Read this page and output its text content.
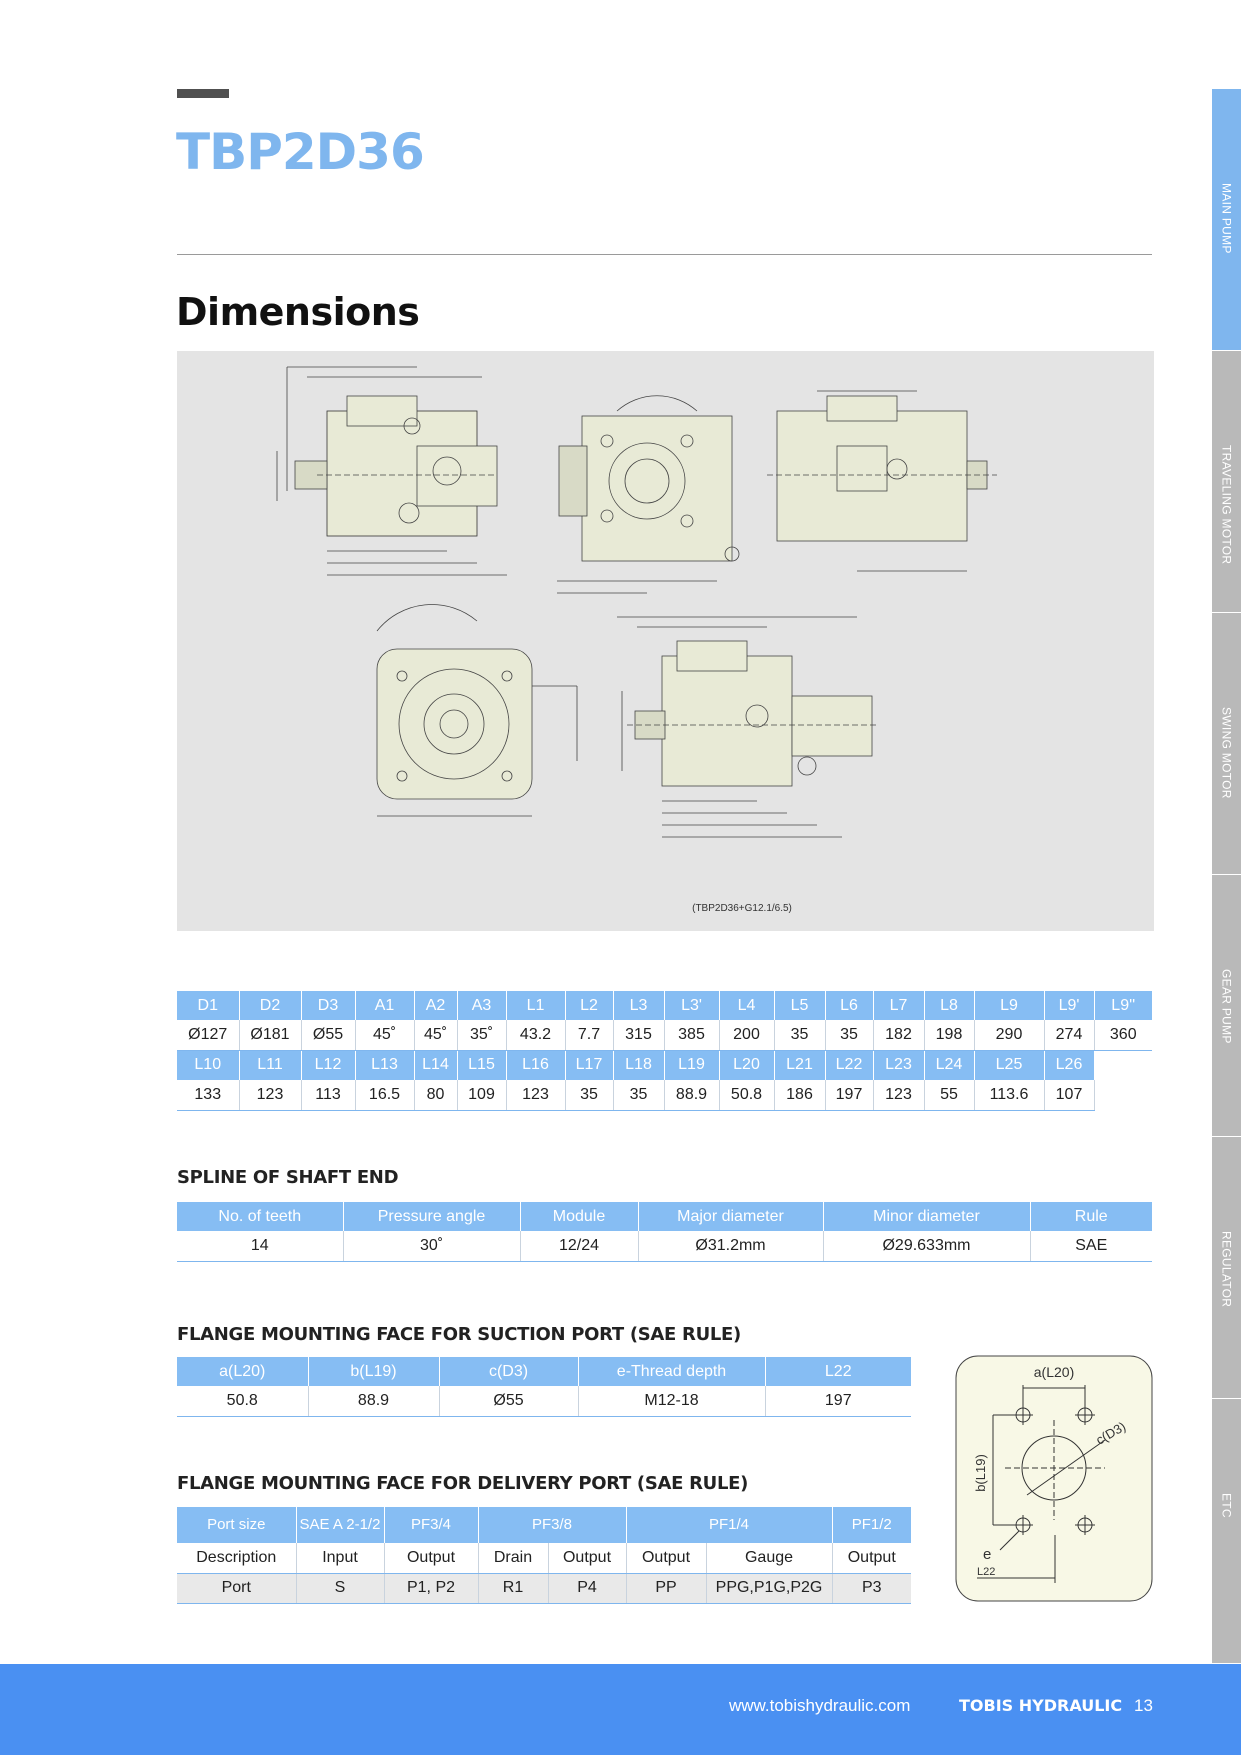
TBP2D36
Dimensions
(TBP2D36+G12.1/6.5)
MAIN PUMP
TRAVELING MOTOR
SWING MOTOR
GEAR PUMP
REGULATOR
ETC
D1	D2	D3	A1	A2	A3	L1	L2	L3	L3'	L4	L5	L6	L7	L8	L9	L9'	L9''
Ø127	Ø181	Ø55	45˚	45˚	35˚	43.2	7.7	315	385	200	35	35	182	198	290	274	360
L10	L11	L12	L13	L14	L15	L16	L17	L18	L19	L20	L21	L22	L23	L24	L25	L26	
133	123	113	16.5	80	109	123	35	35	88.9	50.8	186	197	123	55	113.6	107	
SPLINE OF SHAFT END
No. of teeth	Pressure angle	Module	Major diameter	Minor diameter	Rule
14	30˚	12/24	Ø31.2mm	Ø29.633mm	SAE
FLANGE MOUNTING FACE FOR SUCTION PORT (SAE RULE)
a(L20)	b(L19)	c(D3)	e-Thread depth	L22
50.8	88.9	Ø55	M12-18	197
FLANGE MOUNTING FACE FOR DELIVERY PORT (SAE RULE)
Port size	SAE A 2-1/2	PF3/4	PF3/8		PF1/4		PF1/2
Description	Input	Output	Drain	Output	Output	Gauge	Output
Port	S	P1, P2	R1	P4	PP	PPG,P1G,P2G	P3
a(L20)
b(L19)
c(D3)
e
L22
www.tobishydraulic.com	TOBIS HYDRAULIC 13
